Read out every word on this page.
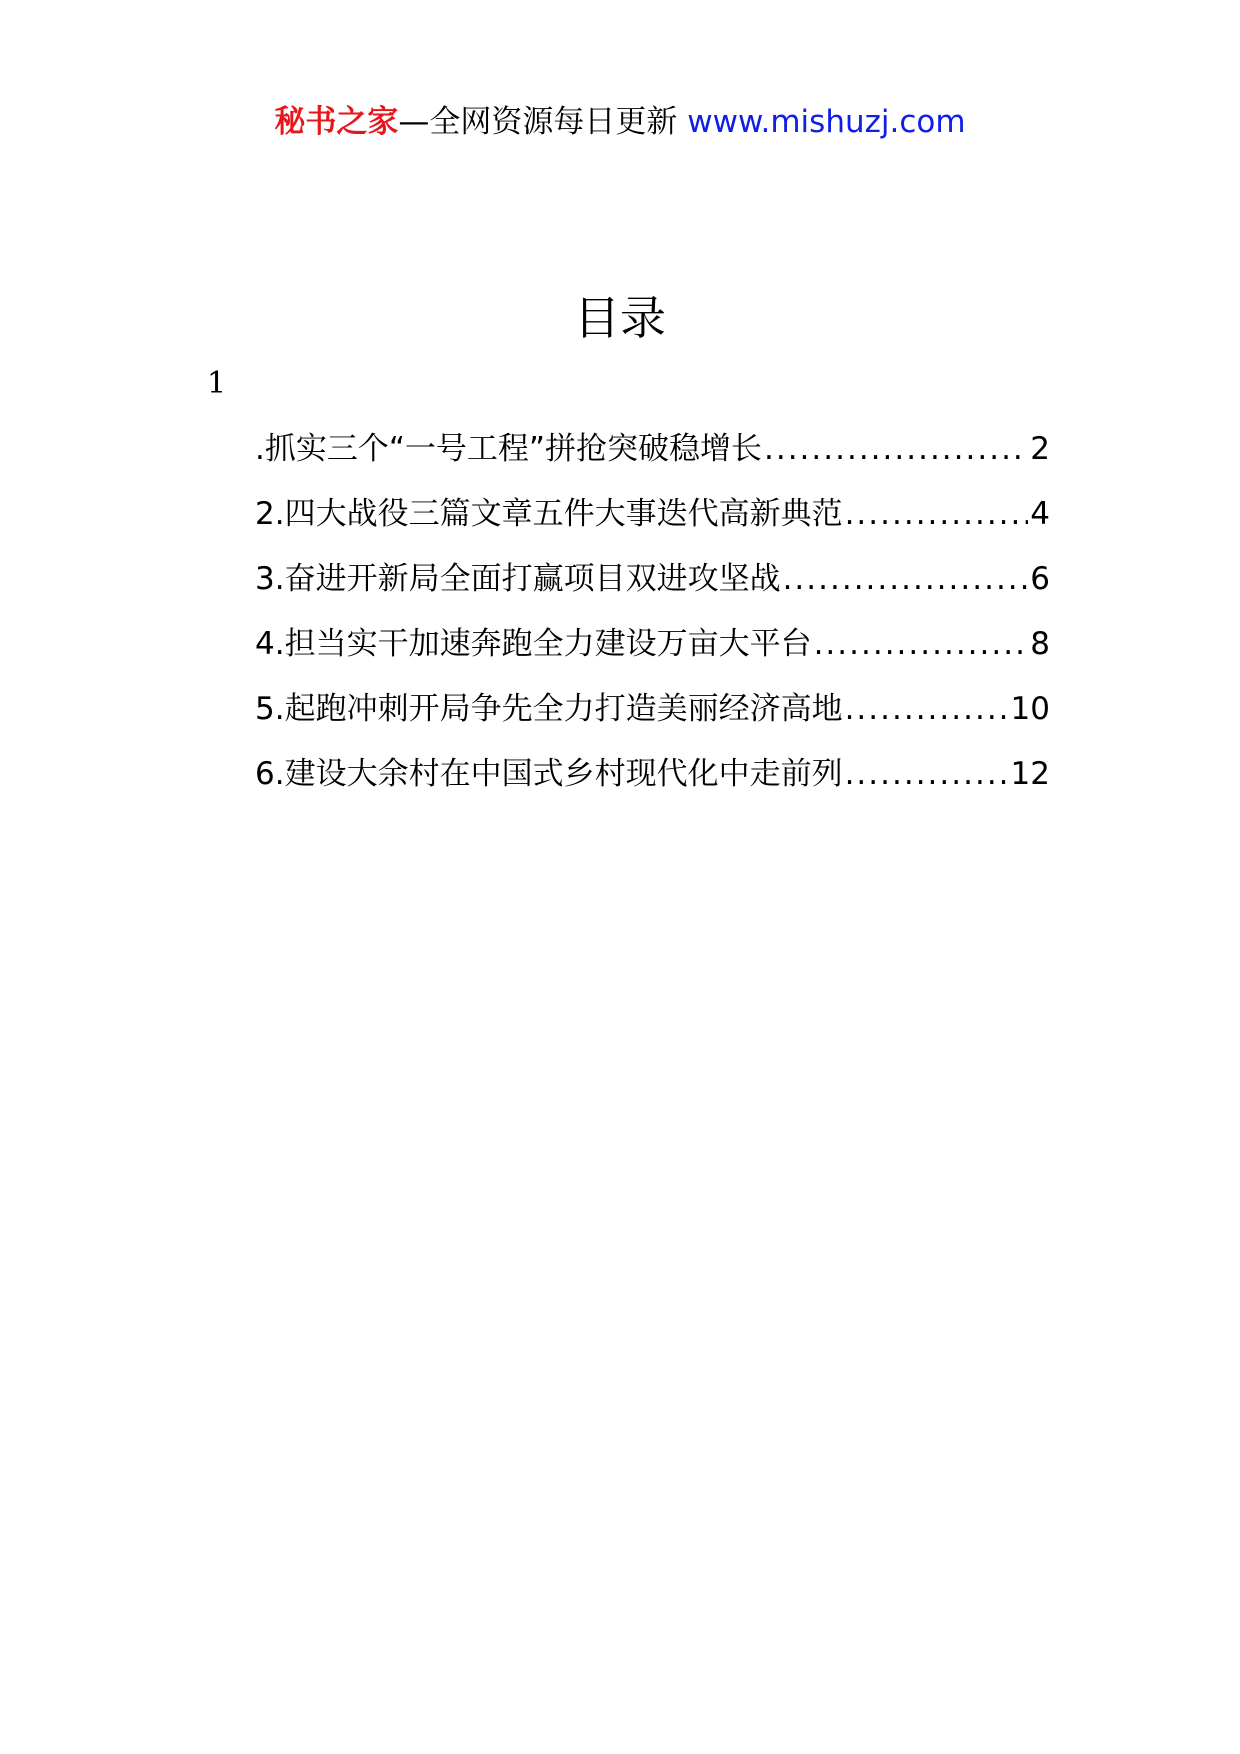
秘书之家—全网资源每日更新 www.mishuzj.com
目录
1
.抓实三个“一号工程”拼抢突破稳增长 .....	2
2.四大战役三篇文章五件大事迭代高新典范 .....	4
3.奋进开新局全面打赢项目双进攻坚战 .....	6
4.担当实干加速奔跑全力建设万亩大平台 .....	8
5.起跑冲刺开局争先全力打造美丽经济高地 .....	10
6.建设大余村在中国式乡村现代化中走前列 .....	12
